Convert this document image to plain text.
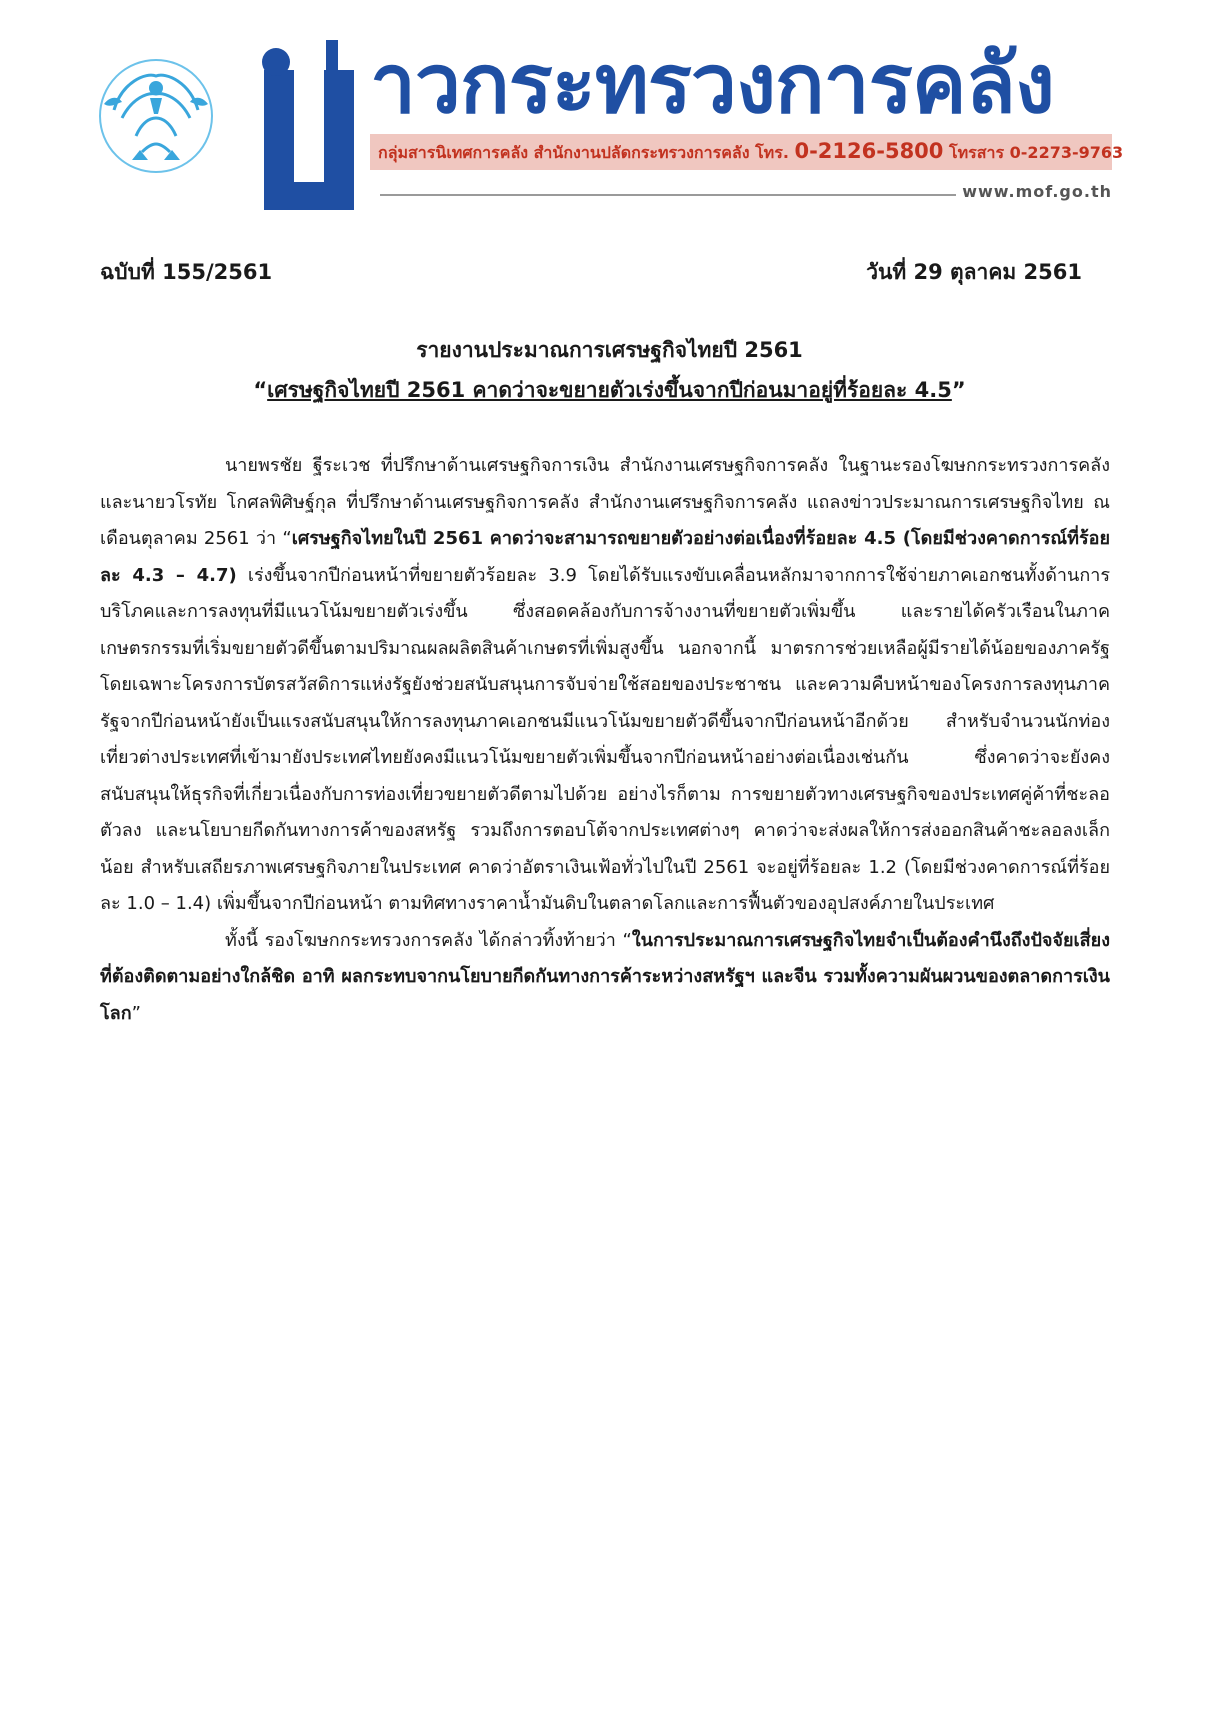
าวกระทรวงการคลัง
กลุ่มสารนิเทศการคลัง สำนักงานปลัดกระทรวงการคลัง โทร. 0-2126-5800 โทรสาร 0-2273-9763
www.mof.go.th
ฉบับที่ 155/2561	วันที่ 29 ตุลาคม 2561
รายงานประมาณการเศรษฐกิจไทยปี 2561
“เศรษฐกิจไทยปี 2561 คาดว่าจะขยายตัวเร่งขึ้นจากปีก่อนมาอยู่ที่ร้อยละ 4.5”

นายพรชัย ฐีระเวช ที่ปรึกษาด้านเศรษฐกิจการเงิน สำนักงานเศรษฐกิจการคลัง ในฐานะรองโฆษกกระทรวงการคลัง และนายวโรทัย โกศลพิศิษฐ์กุล ที่ปรึกษาด้านเศรษฐกิจการคลัง สำนักงานเศรษฐกิจการคลัง แถลงข่าวประมาณการเศรษฐกิจไทย ณ เดือนตุลาคม 2561 ว่า “เศรษฐกิจไทยในปี 2561 คาดว่าจะสามารถขยายตัวอย่างต่อเนื่องที่ร้อยละ 4.5 (โดยมีช่วงคาดการณ์ที่ร้อยละ 4.3 – 4.7) เร่งขึ้นจากปีก่อนหน้าที่ขยายตัวร้อยละ 3.9 โดยได้รับแรงขับเคลื่อนหลักมาจากการใช้จ่ายภาคเอกชนทั้งด้านการบริโภคและการลงทุนที่มีแนวโน้มขยายตัวเร่งขึ้น ซึ่งสอดคล้องกับการจ้างงานที่ขยายตัวเพิ่มขึ้น และรายได้ครัวเรือนในภาคเกษตรกรรมที่เริ่มขยายตัวดีขึ้นตามปริมาณผลผลิตสินค้าเกษตรที่เพิ่มสูงขึ้น นอกจากนี้ มาตรการช่วยเหลือผู้มีรายได้น้อยของภาครัฐ โดยเฉพาะโครงการบัตรสวัสดิการแห่งรัฐยังช่วยสนับสนุนการจับจ่ายใช้สอยของประชาชน และความคืบหน้าของโครงการลงทุนภาครัฐจากปีก่อนหน้ายังเป็นแรงสนับสนุนให้การลงทุนภาคเอกชนมีแนวโน้มขยายตัวดีขึ้นจากปีก่อนหน้าอีกด้วย สำหรับจำนวนนักท่องเที่ยวต่างประเทศที่เข้ามายังประเทศไทยยังคงมีแนวโน้มขยายตัวเพิ่มขึ้นจากปีก่อนหน้าอย่างต่อเนื่องเช่นกัน ซึ่งคาดว่าจะยังคงสนับสนุนให้ธุรกิจที่เกี่ยวเนื่องกับการท่องเที่ยวขยายตัวดีตามไปด้วย อย่างไรก็ตาม การขยายตัวทางเศรษฐกิจของประเทศคู่ค้าที่ชะลอตัวลง และนโยบายกีดกันทางการค้าของสหรัฐ รวมถึงการตอบโต้จากประเทศต่างๆ คาดว่าจะส่งผลให้การส่งออกสินค้าชะลอลงเล็กน้อย สำหรับเสถียรภาพเศรษฐกิจภายในประเทศ คาดว่าอัตราเงินเฟ้อทั่วไปในปี 2561 จะอยู่ที่ร้อยละ 1.2 (โดยมีช่วงคาดการณ์ที่ร้อยละ 1.0 – 1.4) เพิ่มขึ้นจากปีก่อนหน้า ตามทิศทางราคาน้ำมันดิบในตลาดโลกและการฟื้นตัวของอุปสงค์ภายในประเทศ

ทั้งนี้ รองโฆษกกระทรวงการคลัง ได้กล่าวทิ้งท้ายว่า “ในการประมาณการเศรษฐกิจไทยจำเป็นต้องคำนึงถึงปัจจัยเสี่ยงที่ต้องติดตามอย่างใกล้ชิด อาทิ ผลกระทบจากนโยบายกีดกันทางการค้าระหว่างสหรัฐฯ และจีน รวมทั้งความผันผวนของตลาดการเงินโลก”
